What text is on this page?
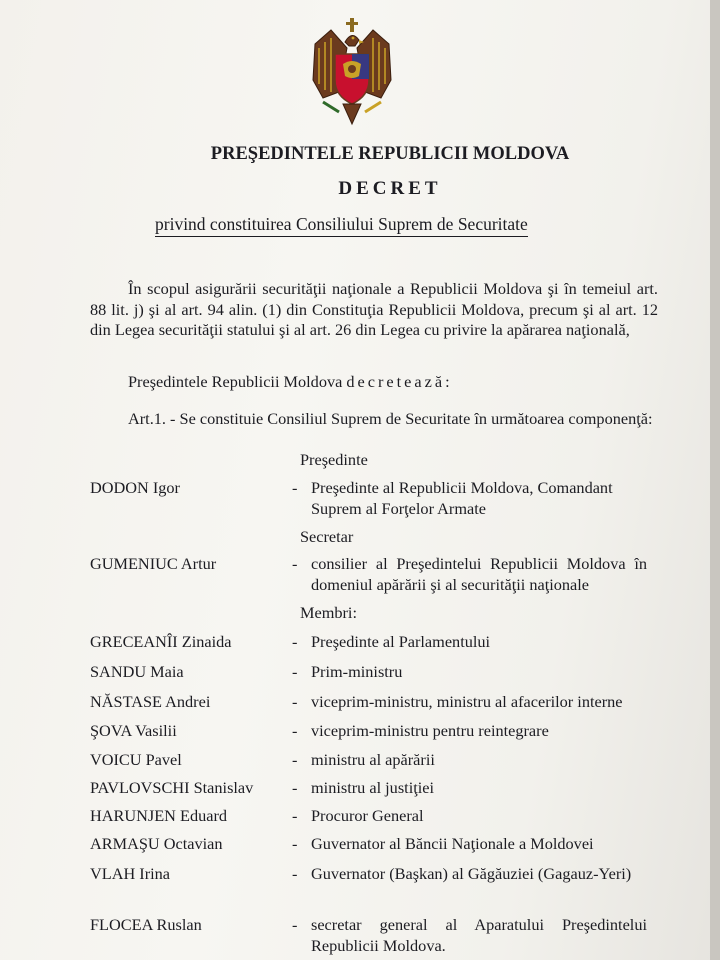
PREŞEDINTELE REPUBLICII MOLDOVA
DECRET
privind constituirea Consiliului Suprem de Securitate
În scopul asigurării securităţii naţionale a Republicii Moldova şi în temeiul art. 88 lit. j) şi al art. 94 alin. (1) din Constituţia Republicii Moldova, precum şi al art. 12 din Legea securităţii statului şi al art. 26 din Legea cu privire la apărarea naţională,
Preşedintele Republicii Moldova decretează:
Art.1. - Se constituie Consiliul Suprem de Securitate în următoarea componenţă:
Preşedinte
DODON Igor	- Preşedinte al Republicii Moldova, Comandant Suprem al Forţelor Armate
Secretar
GUMENIUC Artur	- consilier al Preşedintelui Republicii Moldova în domeniul apărării şi al securităţii naţionale
Membri:
GRECEANÎI Zinaida	- Preşedinte al Parlamentului
SANDU Maia	- Prim-ministru
NĂSTASE Andrei	- viceprim-ministru, ministru al afacerilor interne
ŞOVA Vasilii	- viceprim-ministru pentru reintegrare
VOICU Pavel	- ministru al apărării
PAVLOVSCHI Stanislav - ministru al justiţiei
HARUNJEN Eduard	- Procuror General
ARMAŞU Octavian	- Guvernator al Băncii Naţionale a Moldovei
VLAH Irina	- Guvernator (Başkan) al Găgăuziei (Gagauz-Yeri)
FLOCEA Ruslan	- secretar general al Aparatului Preşedintelui Republicii Moldova.
